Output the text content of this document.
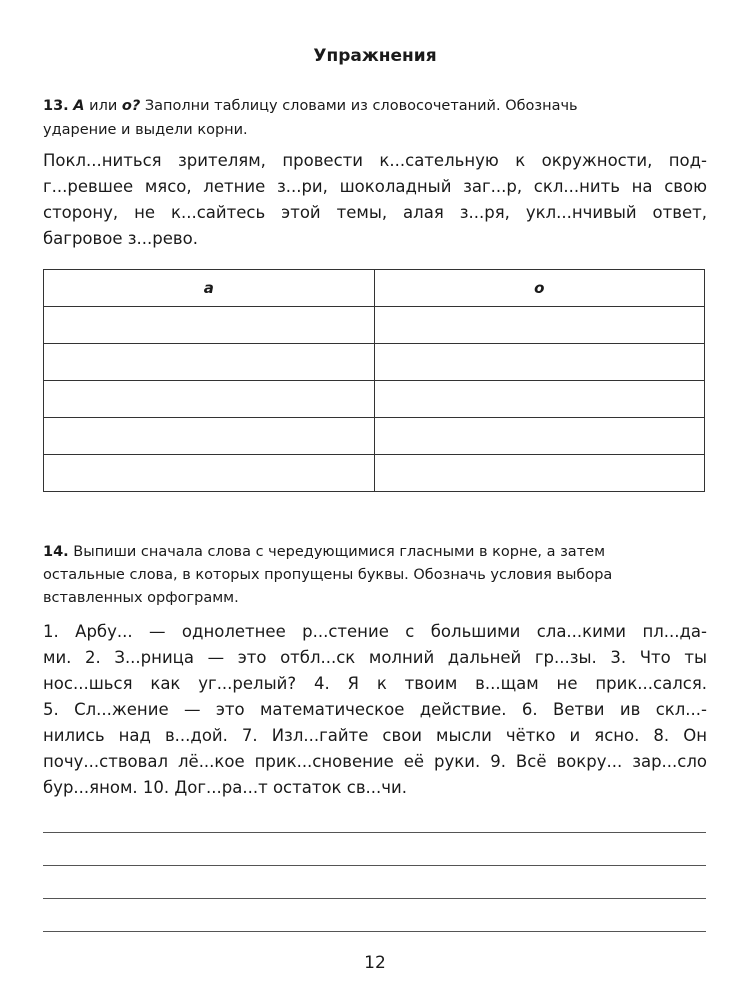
Упражнения
13. А или о? Заполни таблицу словами из словосочетаний. Обозначь
ударение и выдели корни.
Покл...ниться зрителям, провести к...сательную к окружности, под-
г...ревшее мясо, летние з...ри, шоколадный заг...р, скл...нить на свою
сторону, не к...сайтесь этой темы, алая з...ря, укл...нчивый ответ,
багровое з...рево.
а	о

14. Выпиши сначала слова с чередующимися гласными в корне, а затем
остальные слова, в которых пропущены буквы. Обозначь условия выбора
вставленных орфограмм.
1. Арбу... — однолетнее р...стение с большими сла...кими пл...да-
ми. 2. З...рница — это отбл...ск молний дальней гр...зы. 3. Что ты
нос...шься как уг...релый? 4. Я к твоим в...щам не прик...сался.
5. Сл...жение — это математическое действие. 6. Ветви ив скл...-
нились над в...дой. 7. Изл...гайте свои мысли чётко и ясно. 8. Он
почу...ствовал лё...кое прик...сновение её руки. 9. Всё вокру... зар...сло
бур...яном. 10. Дог...ра...т остаток св...чи.
12
